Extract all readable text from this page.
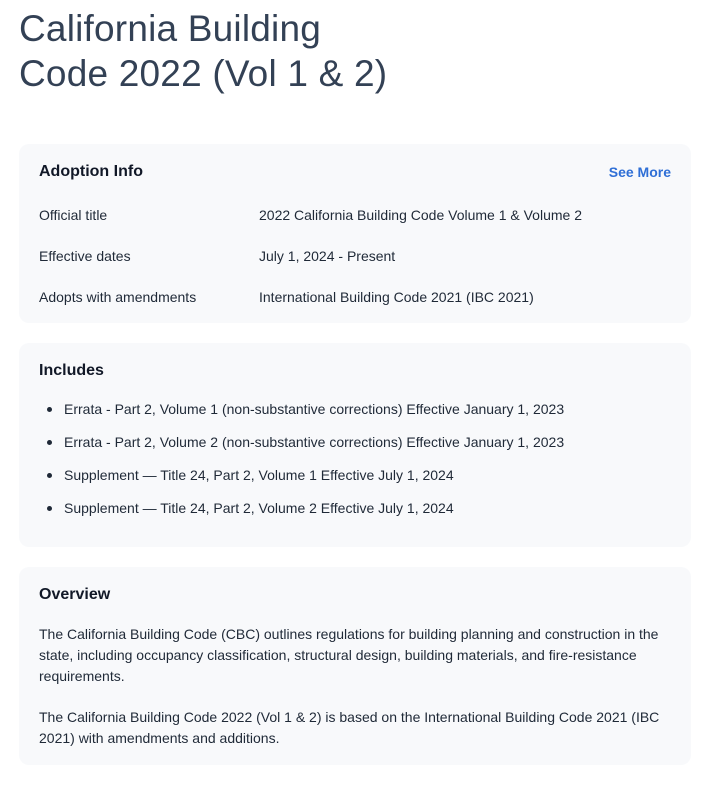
California Building
Code 2022 (Vol 1 & 2)
Adoption Info	See More
Official title	2022 California Building Code Volume 1 & Volume 2
Effective dates	July 1, 2024 - Present
Adopts with amendments	International Building Code 2021 (IBC 2021)
Includes
Errata - Part 2, Volume 1 (non-substantive corrections) Effective January 1, 2023
Errata - Part 2, Volume 2 (non-substantive corrections) Effective January 1, 2023
Supplement — Title 24, Part 2, Volume 1 Effective July 1, 2024
Supplement — Title 24, Part 2, Volume 2 Effective July 1, 2024
Overview

The California Building Code (CBC) outlines regulations for building planning and construction in the state, including occupancy classification, structural design, building materials, and fire-resistance requirements.

The California Building Code 2022 (Vol 1 & 2) is based on the International Building Code 2021 (IBC 2021) with amendments and additions.
